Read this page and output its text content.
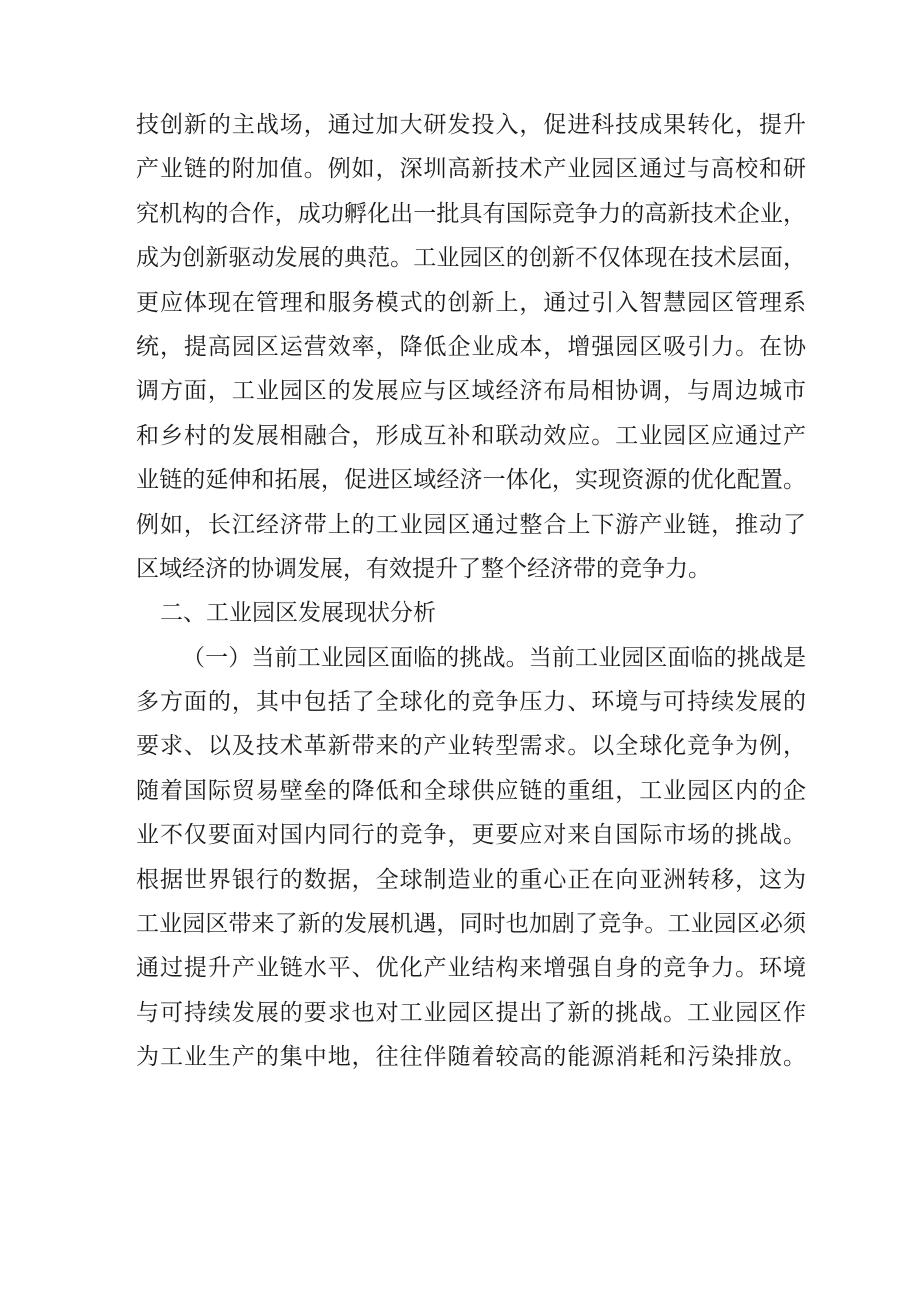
技创新的主战场，通过加大研发投入，促进科技成果转化，提升
产业链的附加值。例如，深圳高新技术产业园区通过与高校和研
究机构的合作，成功孵化出一批具有国际竞争力的高新技术企业，
成为创新驱动发展的典范。工业园区的创新不仅体现在技术层面，
更应体现在管理和服务模式的创新上，通过引入智慧园区管理系
统，提高园区运营效率，降低企业成本，增强园区吸引力。在协
调方面，工业园区的发展应与区域经济布局相协调，与周边城市
和乡村的发展相融合，形成互补和联动效应。工业园区应通过产
业链的延伸和拓展，促进区域经济一体化，实现资源的优化配置。
例如，长江经济带上的工业园区通过整合上下游产业链，推动了
区域经济的协调发展，有效提升了整个经济带的竞争力。
二、工业园区发展现状分析
（一）当前工业园区面临的挑战。当前工业园区面临的挑战是
多方面的，其中包括了全球化的竞争压力、环境与可持续发展的
要求、以及技术革新带来的产业转型需求。以全球化竞争为例，
随着国际贸易壁垒的降低和全球供应链的重组，工业园区内的企
业不仅要面对国内同行的竞争，更要应对来自国际市场的挑战。
根据世界银行的数据，全球制造业的重心正在向亚洲转移，这为
工业园区带来了新的发展机遇，同时也加剧了竞争。工业园区必须
通过提升产业链水平、优化产业结构来增强自身的竞争力。环境
与可持续发展的要求也对工业园区提出了新的挑战。工业园区作
为工业生产的集中地，往往伴随着较高的能源消耗和污染排放。
